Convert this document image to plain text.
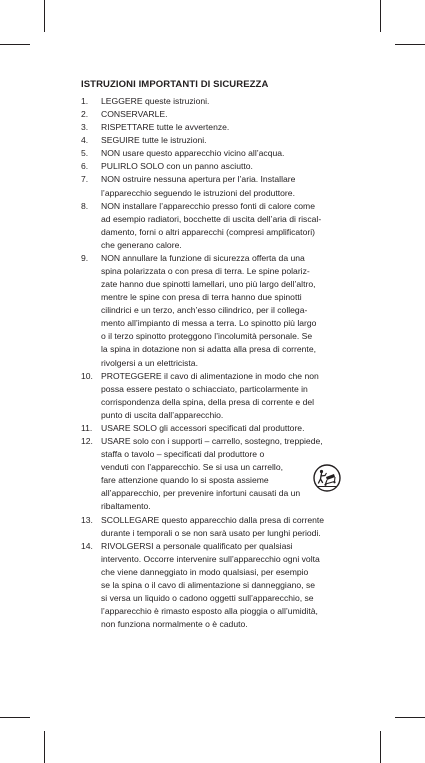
ISTRUZIONI IMPORTANTI DI SICUREZZA
1.	LEGGERE queste istruzioni.
2.	CONSERVARLE.
3.	RISPETTARE tutte le avvertenze.
4.	SEGUIRE tutte le istruzioni.
5.	NON usare questo apparecchio vicino all’acqua.
6.	PULIRLO SOLO con un panno asciutto.
7.	NON ostruire nessuna apertura per l’aria. Installare
l’apparecchio seguendo le istruzioni del produttore.
8.	NON installare l’apparecchio presso fonti di calore come
ad esempio radiatori, bocchette di uscita dell’aria di riscal-
damento, forni o altri apparecchi (compresi amplificatori)
che generano calore.
9.	NON annullare la funzione di sicurezza offerta da una
spina polarizzata o con presa di terra. Le spine polariz-
zate hanno due spinotti lamellari, uno più largo dell’altro,
mentre le spine con presa di terra hanno due spinotti
cilindrici e un terzo, anch’esso cilindrico, per il collega-
mento all’impianto di messa a terra. Lo spinotto più largo
o il terzo spinotto proteggono l’incolumità personale. Se
la spina in dotazione non si adatta alla presa di corrente,
rivolgersi a un elettricista.
10. PROTEGGERE il cavo di alimentazione in modo che non
possa essere pestato o schiacciato, particolarmente in
corrispondenza della spina, della presa di corrente e del
punto di uscita dall’apparecchio.
11.	USARE SOLO gli accessori specificati dal produttore.
12. USARE solo con i supporti – carrello, sostegno, treppiede,
staffa o tavolo – specificati dal produttore o
venduti con l’apparecchio. Se si usa un carrello,
fare attenzione quando lo si sposta assieme
all’apparecchio, per prevenire infortuni causati da un
ribaltamento.
13. SCOLLEGARE questo apparecchio dalla presa di corrente
durante i temporali o se non sarà usato per lunghi periodi.
14. RIVOLGERSI a personale qualificato per qualsiasi
intervento. Occorre intervenire sull’apparecchio ogni volta
che viene danneggiato in modo qualsiasi, per esempio
se la spina o il cavo di alimentazione si danneggiano, se
si versa un liquido o cadono oggetti sull’apparecchio, se
l’apparecchio è rimasto esposto alla pioggia o all’umidità,
non funziona normalmente o è caduto.
